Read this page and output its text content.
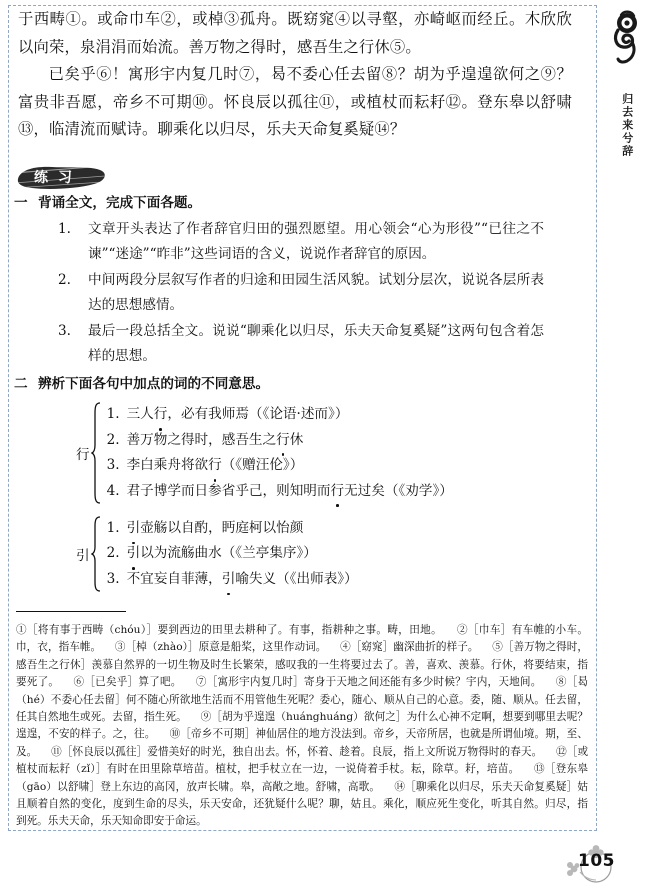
归去来兮辞

于西畴①。或命巾车②，或棹③孤舟。既窈窕④以寻壑，亦崎岖而经丘。木欣欣以向荣，泉涓涓而始流。善万物之得时，感吾生之行休⑤。

已矣乎⑥！寓形宇内复几时⑦，曷不委心任去留⑧？胡为乎遑遑欲何之⑨？富贵非吾愿，帝乡不可期⑩。怀良辰以孤往⑪，或植杖而耘耔⑫。登东皋以舒啸⑬，临清流而赋诗。聊乘化以归尽，乐夫天命复奚疑⑭？

练习
一 背诵全文，完成下面各题。
1.	文章开头表达了作者辞官归田的强烈愿望。用心领会“心为形役”“已往之不谏”“迷途”“昨非”这些词语的含义，说说作者辞官的原因。
2.	中间两段分层叙写作者的归途和田园生活风貌。试划分层次，说说各层所表达的思想感情。
3.	最后一段总括全文。说说“聊乘化以归尽，乐夫天命复奚疑”这两句包含着怎样的思想。
二 辨析下面各句中加点的词的不同意思。
行
1. 三人行，必有我师焉（《论语·述而》）
2. 善万物之得时，感吾生之行休
3. 李白乘舟将欲行（《赠汪伦》）
4. 君子博学而日参省乎己，则知明而行无过矣（《劝学》）
引
1. 引壶觞以自酌，眄庭柯以怡颜
2. 引以为流觞曲水（《兰亭集序》）
3. 不宜妄自菲薄，引喻失义（《出师表》）
①［将有事于西畴（chóu）］要到西边的田里去耕种了。有事，指耕种之事。畴，田地。 ②［巾车］有车帷的小车。巾，衣，指车帷。 ③［棹（zhào）］原意是船桨，这里作动词。 ④［窈窕］幽深曲折的样子。 ⑤［善万物之得时，感吾生之行休］羡慕自然界的一切生物及时生长繁荣，感叹我的一生将要过去了。善，喜欢、羡慕。行休，将要结束，指要死了。 ⑥［已矣乎］算了吧。 ⑦［寓形宇内复几时］寄身于天地之间还能有多少时候？宇内，天地间。 ⑧［曷（hé）不委心任去留］何不随心所欲地生活而不用管他生死呢？委心，随心、顺从自己的心意。委，随、顺从。任去留，任其自然地生或死。去留，指生死。 ⑨［胡为乎遑遑（huánghuáng）欲何之］为什么心神不定啊，想要到哪里去呢？遑遑，不安的样子。之，往。 ⑩［帝乡不可期］神仙居住的地方没法到。帝乡，天帝所居，也就是所谓仙境。期，至、及。 ⑪［怀良辰以孤往］爱惜美好的时光，独自出去。怀，怀着、趁着。良辰，指上文所说万物得时的春天。 ⑫［或植杖而耘耔（zǐ）］有时在田里除草培苗。植杖，把手杖立在一边，一说倚着手杖。耘，除草。耔，培苗。 ⑬［登东皋（gāo）以舒啸］登上东边的高冈，放声长啸。皋，高敞之地。舒啸，高歌。 ⑭［聊乘化以归尽，乐夫天命复奚疑］姑且顺着自然的变化，度到生命的尽头，乐天安命，还犹疑什么呢？聊，姑且。乘化，顺应死生变化，听其自然。归尽，指到死。乐夫天命，乐天知命即安于命运。
105
